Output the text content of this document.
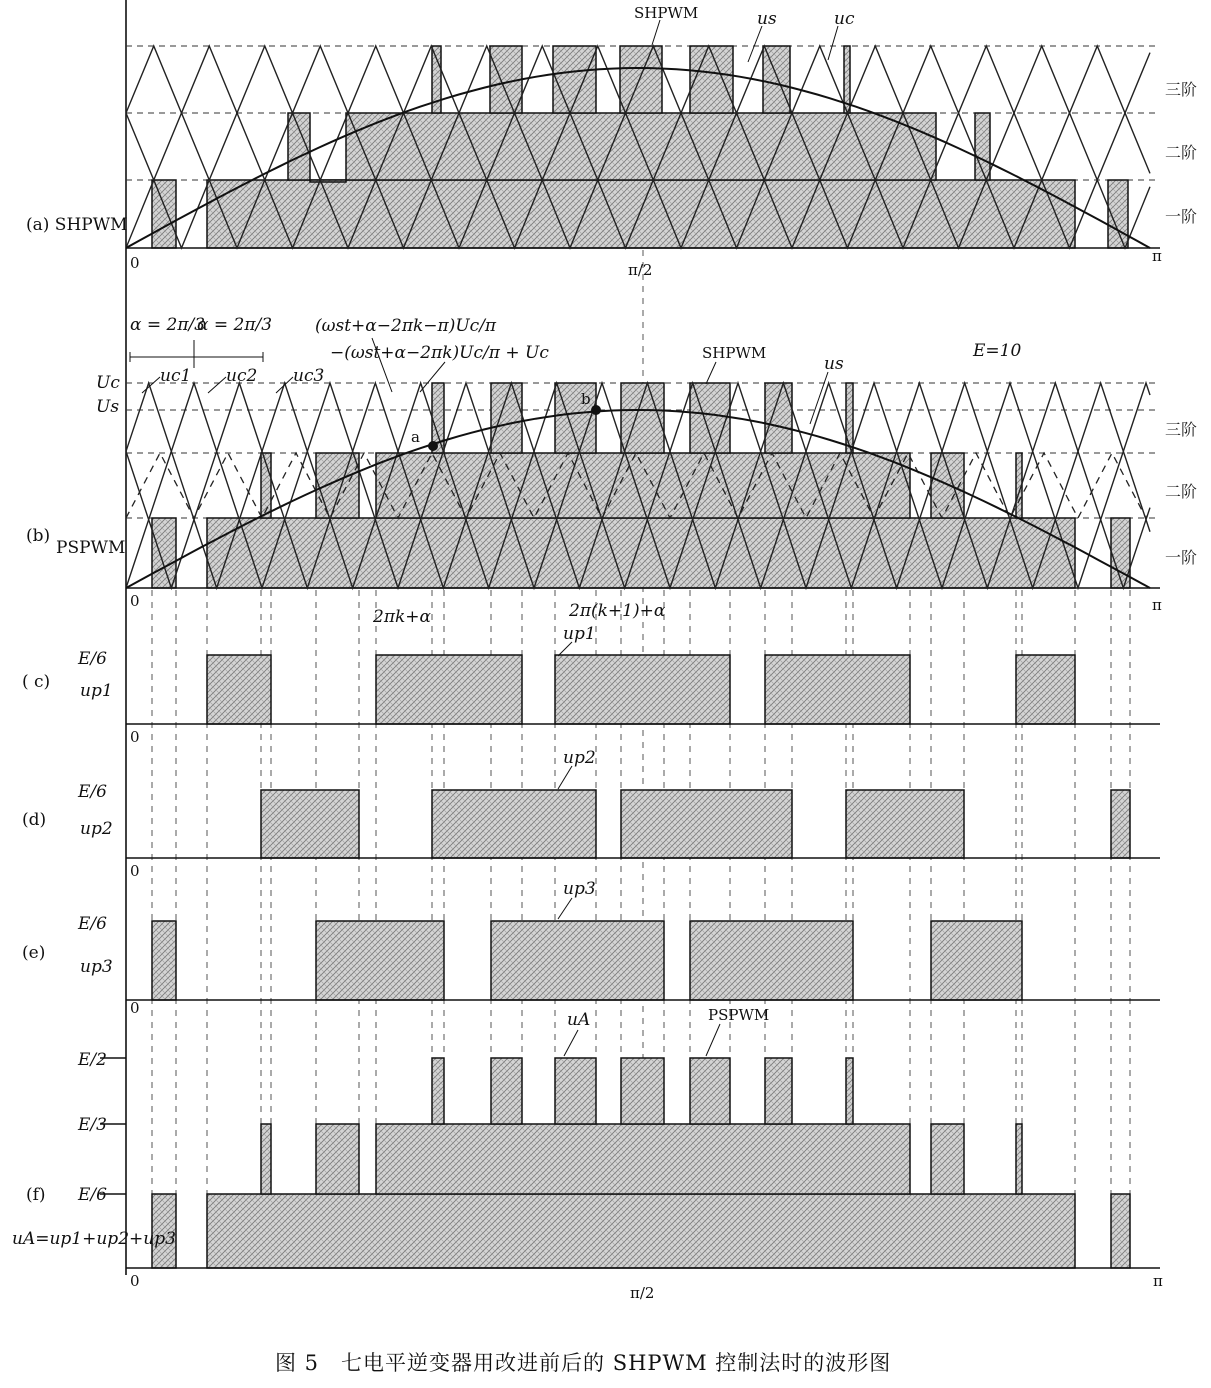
(a) SHPWM
0	π/2
π
SHPWM	us	uc
三阶
二阶
一阶
(b)
PSPWM
0	π
α = 2π/3
α = 2π/3	(ωst+α−2πk−π)Uc/π
−(ωst+α−2πk)Uc/π + Uc	SHPWM
us
E=10
Uc
Us
uc1 uc2 uc3
a
b
2πk+α	2π(k+1)+α
三阶
二阶
一阶
( c)
E/6
up1
up1
0
(d)
E/6
up2
up2
0
(e)
E/6
up3
up3
0
(f)
uA=up1+up2+up3
E/2
E/3
E/6
uA	PSPWM
0
π/2
π
图 5　七电平逆变器用改进前后的 SHPWM 控制法时的波形图
